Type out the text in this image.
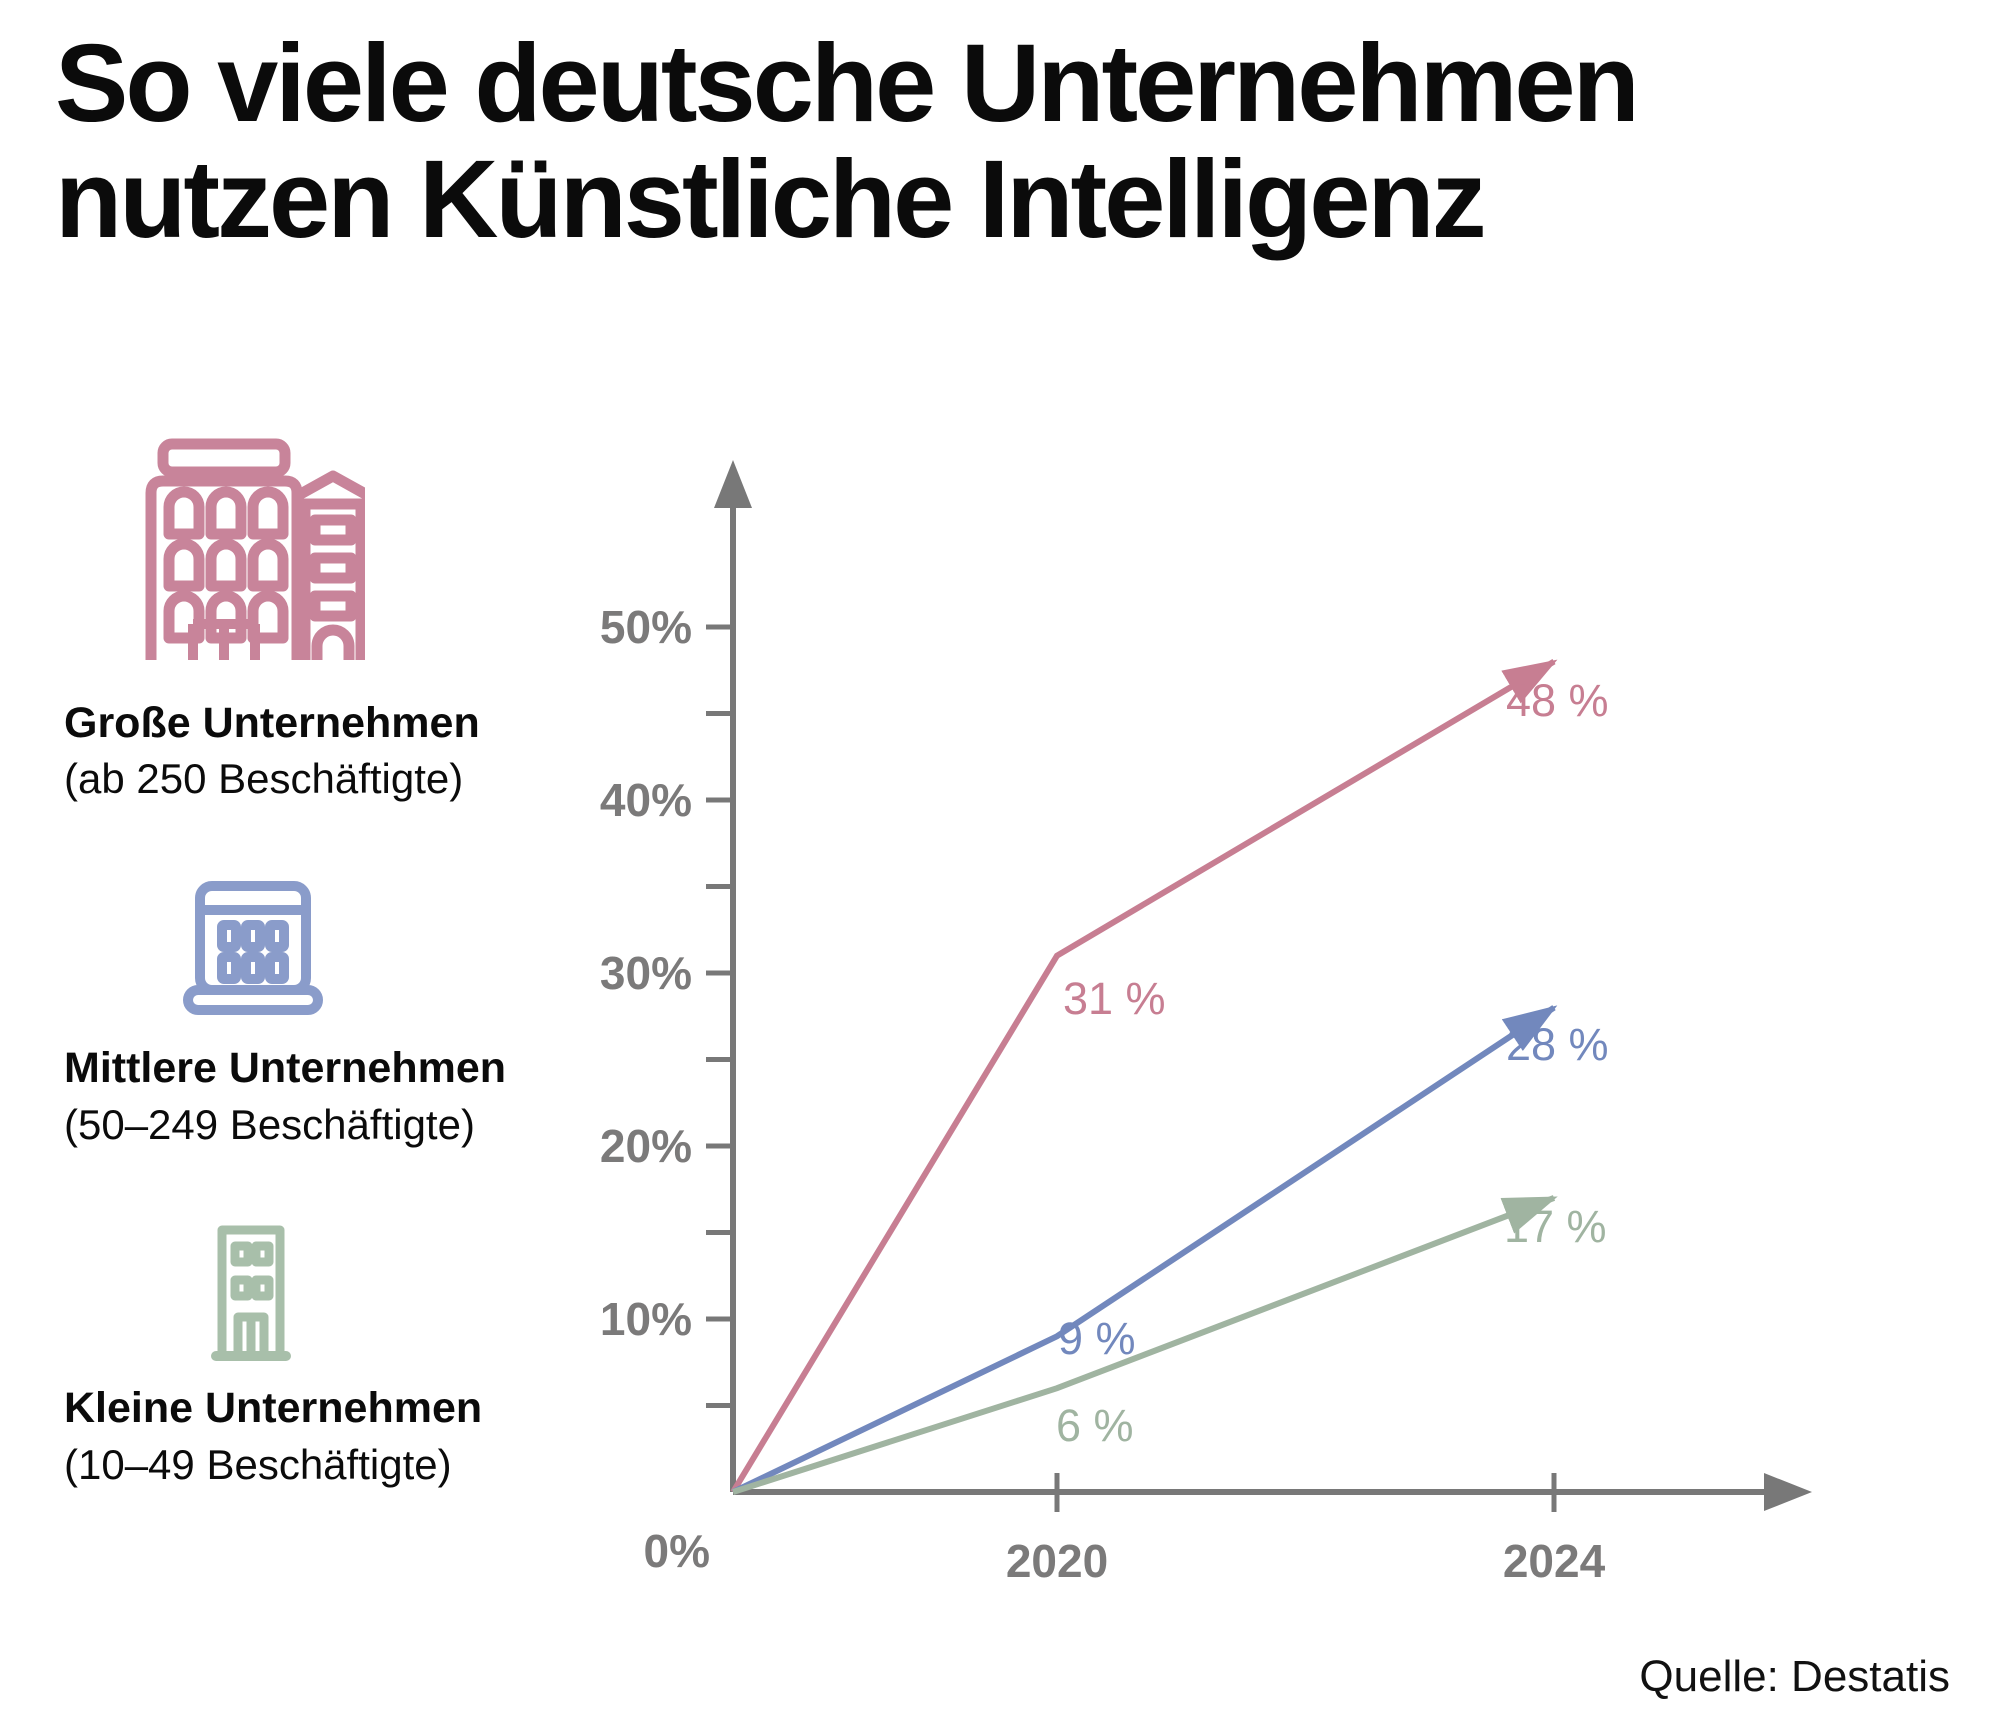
So viele deutsche Unternehmen
nutzen Künstliche Intelligenz
Große Unternehmen
(ab 250 Beschäftigte)
Mittlere Unternehmen
(50–249 Beschäftigte)
Kleine Unternehmen
(10–49 Beschäftigte)
10%
20%
30%
40%
50%
0%	2020	2024
31 %
48 %
9 %
28 %
6 %
17 %
Quelle: Destatis
